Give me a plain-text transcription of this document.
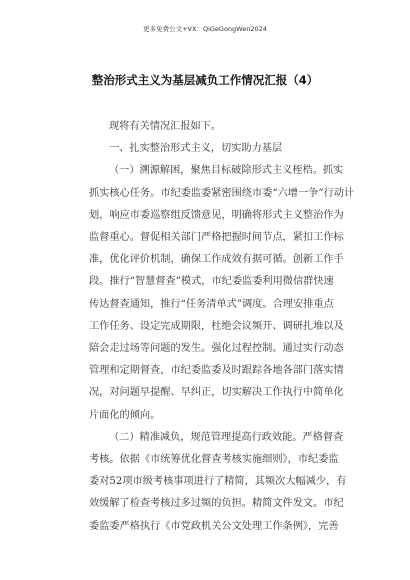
更多免费公文+VX：QiGeGongWen2024
整治形式主义为基层减负工作情况汇报（4）

现将有关情况汇报如下。

一、扎实整治形式主义，切实助力基层

（一）溯源解困，聚焦目标破除形式主义桎梏。抓实
抓实核心任务。市纪委监委紧密围绕市委“六增一争”行动计
划，响应市委巡察组反馈意见，明确将形式主义整治作为
监督重心。督促相关部门严格把握时间节点，紧扣工作标
准，优化评价机制，确保工作成效有据可循。创新工作手
段。推行“智慧督查”模式，市纪委监委利用微信群快速
传达督查通知，推行“任务清单式”调度。合理安排重点
工作任务、设定完成期限，杜绝会议频开、调研扎堆以及
陪会走过场等问题的发生。强化过程控制。通过实行动态
管理和定期督查，市纪委监委及时跟踪各地各部门落实情
况，对问题早提醒、早纠正，切实解决工作执行中简单化
片面化的倾向。

（二）精准减负，规范管理提高行政效能。严格督查
考核。依据《市统筹优化督查考核实施细则》，市纪委监
委对52项市级考核事项进行了精简，其频次大幅减少，有
效缓解了检查考核过多过频的负担。精简文件发文。市纪
委监委严格执行《市党政机关公文处理工作条例》，完善
